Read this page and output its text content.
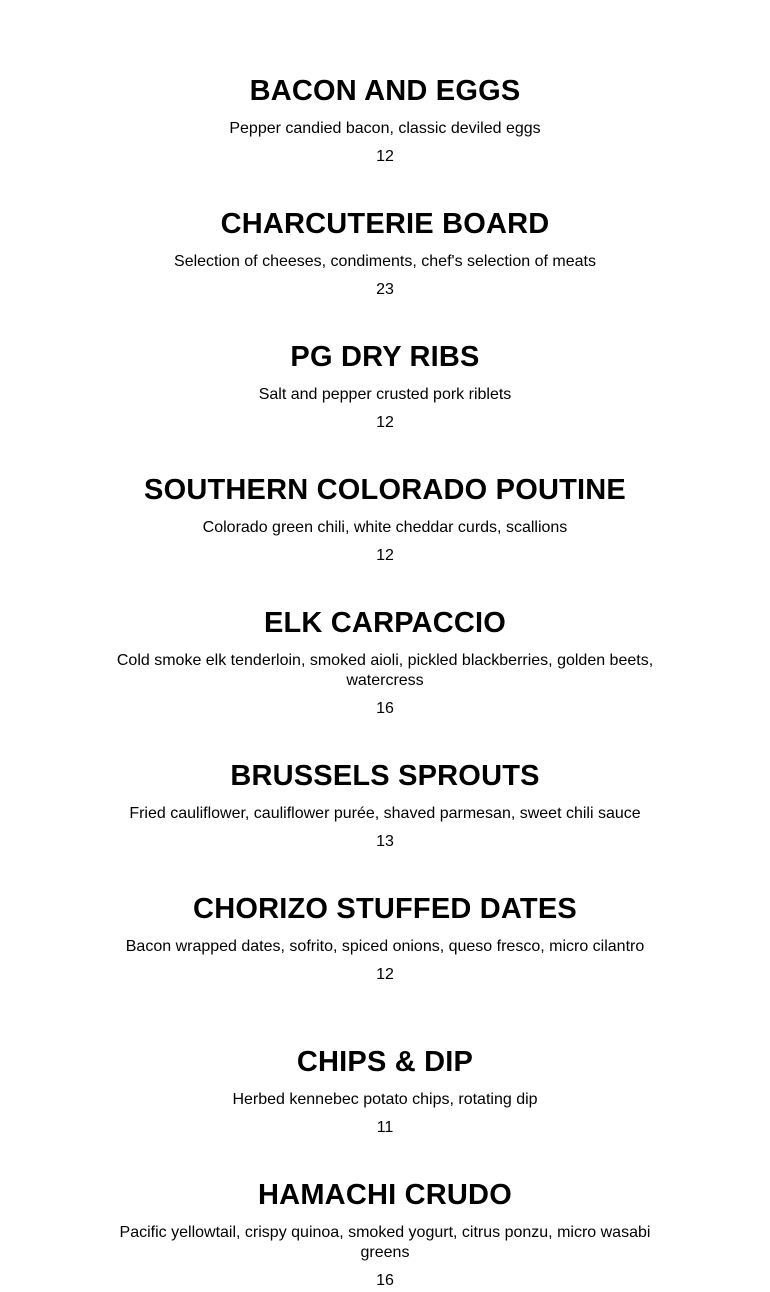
BACON AND EGGS
Pepper candied bacon, classic deviled eggs
12
CHARCUTERIE BOARD
Selection of cheeses, condiments, chef's selection of meats
23
PG DRY RIBS
Salt and pepper crusted pork riblets
12
SOUTHERN COLORADO POUTINE
Colorado green chili, white cheddar curds, scallions
12
ELK CARPACCIO
Cold smoke elk tenderloin, smoked aioli, pickled blackberries, golden beets, watercress
16
BRUSSELS SPROUTS
Fried cauliflower, cauliflower purée, shaved parmesan, sweet chili sauce
13
CHORIZO STUFFED DATES
Bacon wrapped dates, sofrito, spiced onions, queso fresco, micro cilantro
12
CHIPS & DIP
Herbed kennebec potato chips, rotating dip
11
HAMACHI CRUDO
Pacific yellowtail, crispy quinoa, smoked yogurt, citrus ponzu, micro wasabi greens
16
